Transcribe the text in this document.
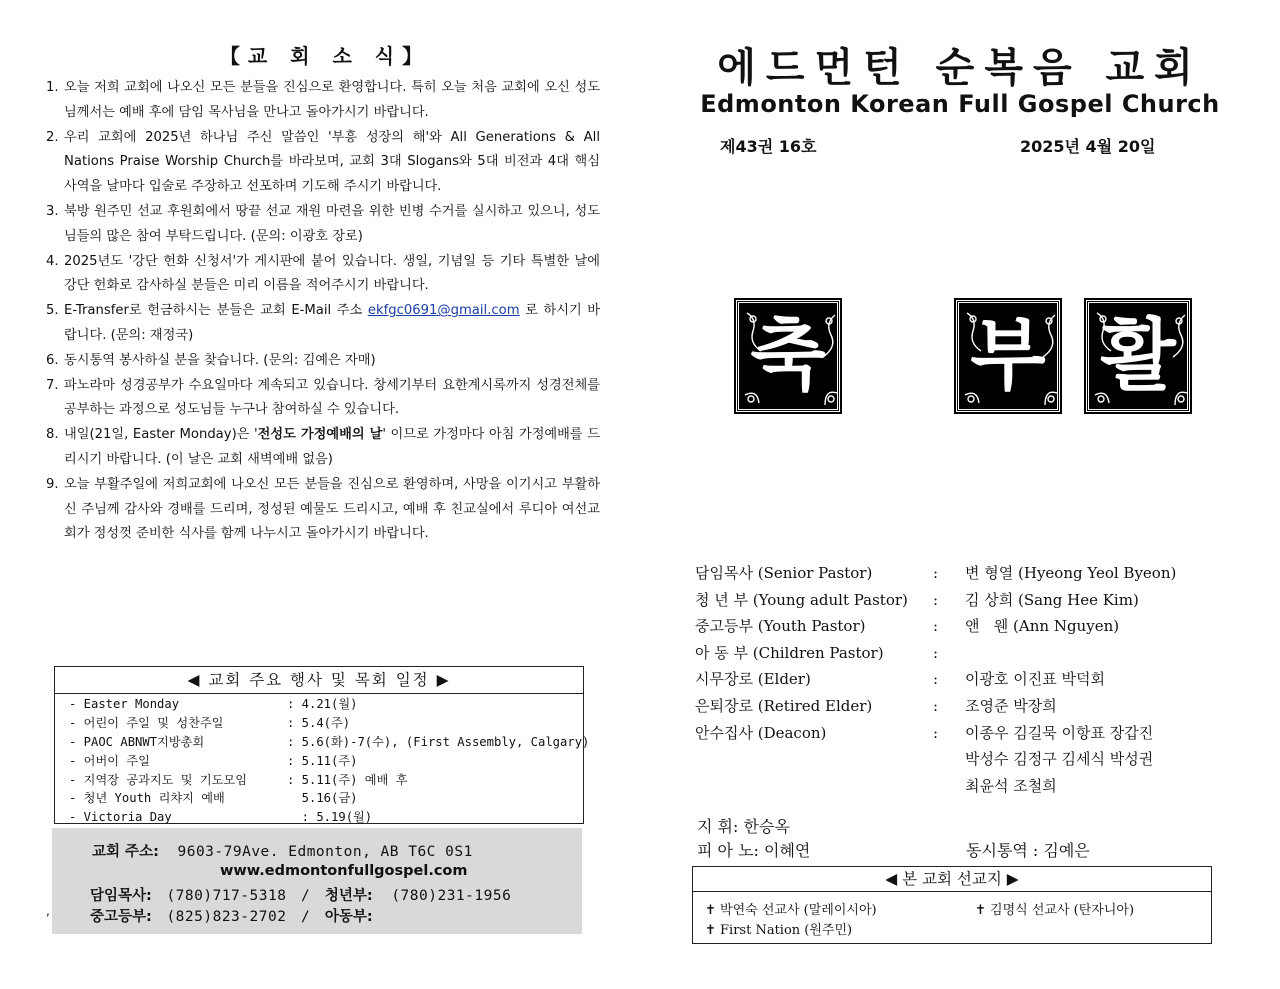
【교 회 소 식】
1. 오늘 저희 교회에 나오신 모든 분들을 진심으로 환영합니다. 특히 오늘 처음 교회에 오신 성도님께서는 예배 후에 담임 목사님을 만나고 돌아가시기 바랍니다.
2. 우리 교회에 2025년 하나님 주신 말씀인 '부흥 성장의 해'와 All Generations & All Nations Praise Worship Church를 바라보며, 교회 3대 Slogans와 5대 비전과 4대 핵심 사역을 날마다 입술로 주장하고 선포하며 기도해 주시기 바랍니다.
3. 북방 원주민 선교 후원회에서 땅끝 선교 재원 마련을 위한 빈병 수거를 실시하고 있으니, 성도님들의 많은 참여 부탁드립니다. (문의: 이광호 장로)
4. 2025년도 '강단 헌화 신청서'가 게시판에 붙어 있습니다. 생일, 기념일 등 기타 특별한 날에 강단 헌화로 감사하실 분들은 미리 이름을 적어주시기 바랍니다.
5. E-Transfer로 헌금하시는 분들은 교회 E-Mail 주소 ekfgc0691@gmail.com 로 하시기 바랍니다. (문의: 재정국)
6. 동시통역 봉사하실 분을 찾습니다. (문의: 김예은 자매)
7. 파노라마 성경공부가 수요일마다 계속되고 있습니다. 창세기부터 요한계시록까지 성경전체를 공부하는 과정으로 성도님들 누구나 참여하실 수 있습니다.
8. 내일(21일, Easter Monday)은 '전성도 가정예배의 날' 이므로 가정마다 아침 가정예배를 드리시기 바랍니다. (이 날은 교회 새벽예배 없음)
9. 오늘 부활주일에 저희교회에 나오신 모든 분들을 진심으로 환영하며, 사망을 이기시고 부활하신 주님께 감사와 경배를 드리며, 정성된 예물도 드리시고, 예배 후 친교실에서 루디아 여선교회가 정성껏 준비한 식사를 함께 나누시고 돌아가시기 바랍니다.
◀ 교회 주요 행사 및 목회 일정 ▶
- Easter Monday	: 4.21(월)
- 어린이 주일 및 성찬주일	: 5.4(주)
- PAOC ABNWT지방총회	: 5.6(화)-7(수), (First Assembly, Calgary)
- 어버이 주일	: 5.11(주)
- 지역장 공과지도 및 기도모임	: 5.11(주) 예배 후
- 청년 Youth 리챠지 예배	5.16(금)
- Victoria Day	: 5.19(월)
교회 주소: 9603-79Ave. Edmonton, AB T6C 0S1
www.edmontonfullgospel.com
담임목사: (780)717-5318 / 청년부: (780)231-1956
중고등부: (825)823-2702 / 아동부:
,
에드먼턴 순복음 교회
Edmonton Korean Full Gospel Church
제43권 16호	2025년 4월 20일
축 부 활
담임목사 (Senior Pastor)	: 변 형열 (Hyeong Yeol Byeon)
청 년 부 (Young adult Pastor) : 김 상희 (Sang Hee Kim)
중고등부 (Youth Pastor)	: 앤   웬 (Ann Nguyen)
아 동 부 (Children Pastor)	:
시무장로 (Elder)	: 이광호 이진표 박덕회
은퇴장로 (Retired Elder)	: 조영준 박장희
안수집사 (Deacon)	: 이종우 김길묵 이항표 장갑진
박성수 김정구 김세식 박성권
최윤석 조철희
지 휘: 한승옥
피 아 노: 이혜연	동시통역 : 김예은
◀ 본 교회 선교지 ▶
✝ 박연숙 선교사 (말레이시아)	✝ 김명식 선교사 (탄자니아)
✝ First Nation (원주민)
